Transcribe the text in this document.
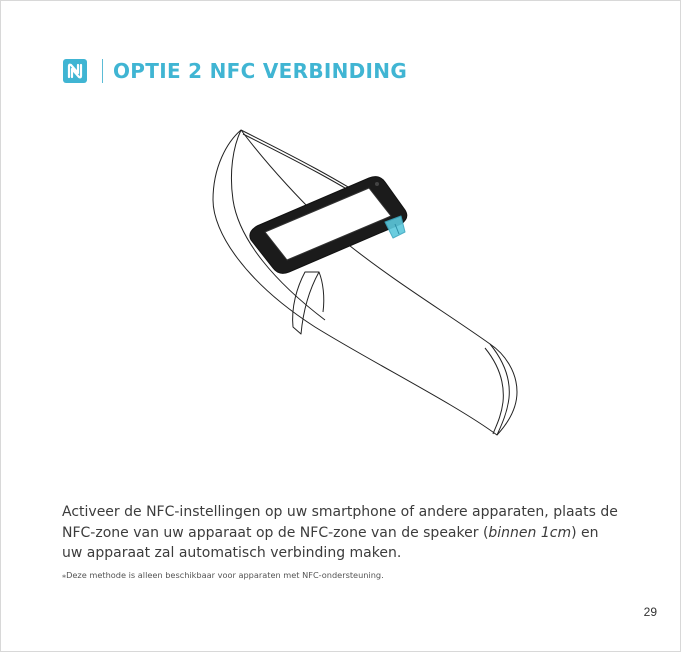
OPTIE 2 NFC VERBINDING

Activeer de NFC-instellingen op uw smartphone of andere apparaten, plaats de NFC-zone van uw apparaat op de NFC-zone van de speaker (binnen 1cm) en uw apparaat zal automatisch verbinding maken.

⁎Deze methode is alleen beschikbaar voor apparaten met NFC-ondersteuning.
29
